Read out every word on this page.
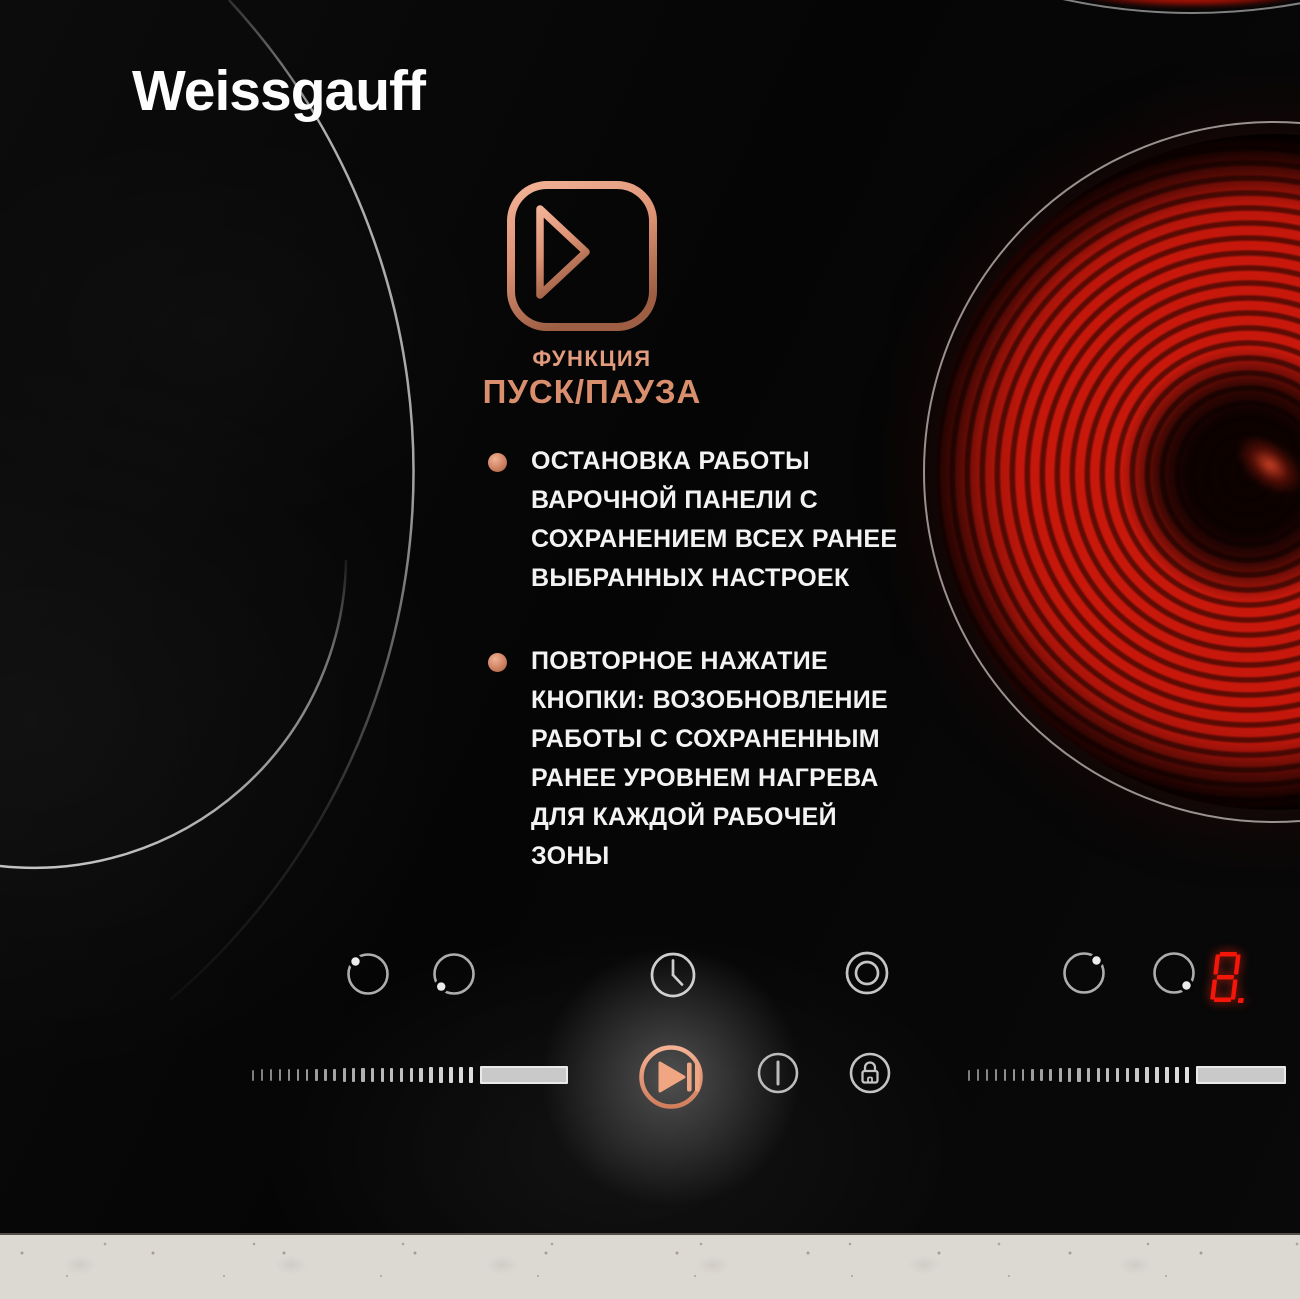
Weissgauff
ФУНКЦИЯ
ПУСК/ПАУЗА
ОСТАНОВКА РАБОТЫ
ВАРОЧНОЙ ПАНЕЛИ С
СОХРАНЕНИЕМ ВСЕХ РАНЕЕ
ВЫБРАННЫХ НАСТРОЕК
ПОВТОРНОЕ НАЖАТИЕ
КНОПКИ: ВОЗОБНОВЛЕНИЕ
РАБОТЫ С СОХРАНЕННЫМ
РАНЕЕ УРОВНЕМ НАГРЕВА
ДЛЯ КАЖДОЙ РАБОЧЕЙ ЗОНЫ
